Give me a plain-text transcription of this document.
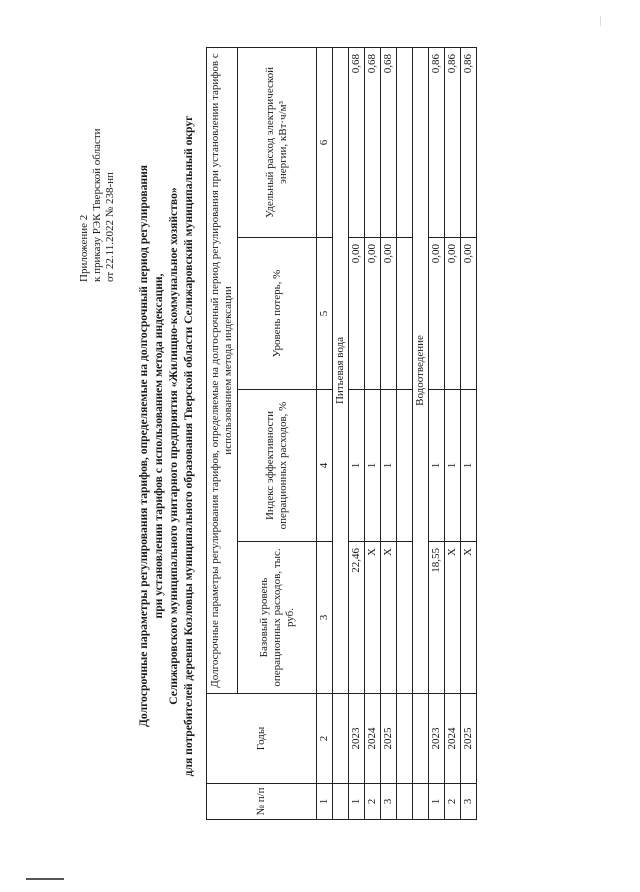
Приложение 2 к приказу РЭК Тверской области от 22.11.2022 № 238-нп Долгосрочные параметры регулирования тарифов, определяемые на долгосрочный период регулирования при установлении тарифов с использованием метода индексации, Селижаровского муниципального унитарного предприятия «Жилищно-коммунальное хозяйство» для потребителей деревни Козловцы муниципального образования Тверской области Селижаровский муниципальный округ
№ п/п	Годы	Долгосрочные параметры регулирования тарифов, определяемые на долгосрочный период регулирования при установлении тарифов с использованием метода индексации			
		Базовый уровень операционных расходов, тыс. руб.	Индекс эффективности операционных расходов, %	Уровень потерь, %	Удельный расход электрической энергии, кВт·ч/м³
1	2	3	4	5	6
		Питьевая вода			
1	2023	22,46	1	0,00	0,68
2	2024	X	1	0,00	0,68
3	2025	X	1	0,00	0,68

		Водоотведение			
1	2023	18,55	1	0,00	0,86
2	2024	X	1	0,00	0,86
3	2025	X	1	0,00	0,86
